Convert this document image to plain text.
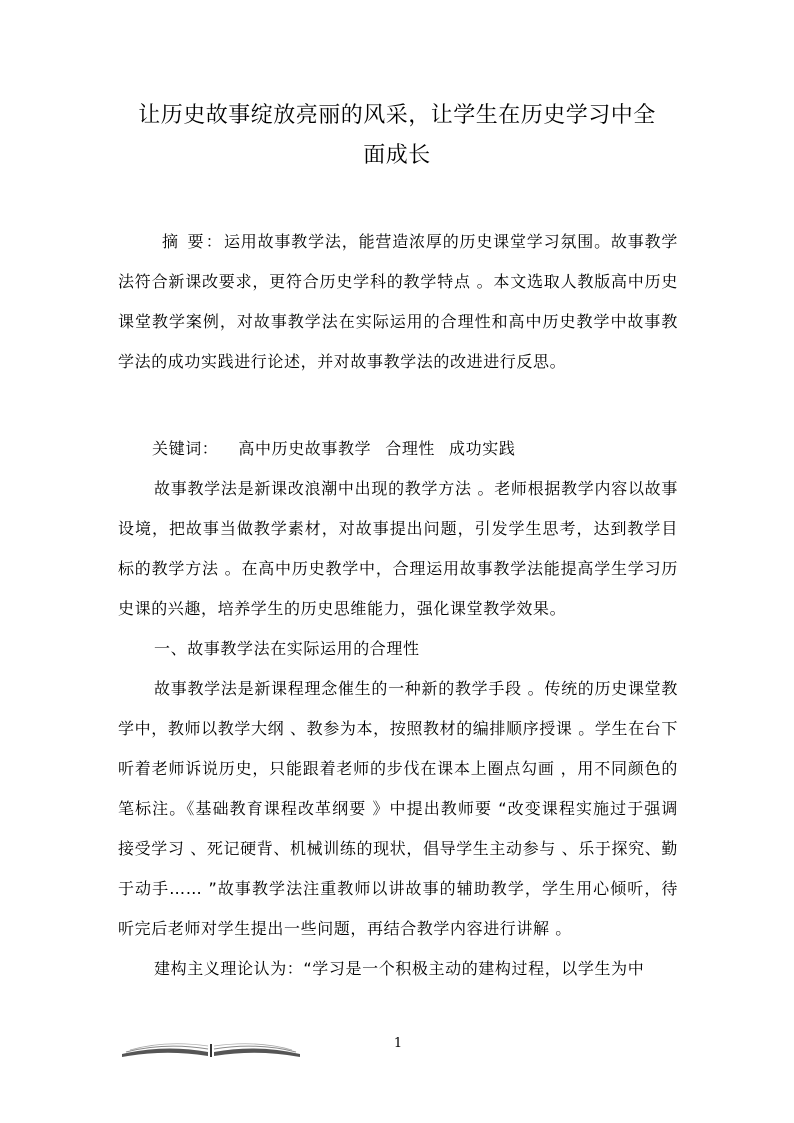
让历史故事绽放亮丽的风采，让学生在历史学习中全
面成长
摘 要：运用故事教学法，能营造浓厚的历史课堂学习氛围。故事教学法符合新课改要求，更符合历史学科的教学特点 。本文选取人教版高中历史课堂教学案例，对故事教学法在实际运用的合理性和高中历史教学中故事教学法的成功实践进行论述，并对故事教学法的改进进行反思。
关键词： 高中历史故事教学 合理性 成功实践

故事教学法是新课改浪潮中出现的教学方法 。老师根据教学内容以故事设境，把故事当做教学素材，对故事提出问题，引发学生思考，达到教学目标的教学方法 。在高中历史教学中，合理运用故事教学法能提高学生学习历史课的兴趣，培养学生的历史思维能力，强化课堂教学效果。

一、故事教学法在实际运用的合理性

故事教学法是新课程理念催生的一种新的教学手段 。传统的历史课堂教学中，教师以教学大纲 、教参为本，按照教材的编排顺序授课 。学生在台下听着老师诉说历史，只能跟着老师的步伐在课本上圈点勾画 ，用不同颜色的笔标注。《基础教育课程改革纲要 》中提出教师要 “改变课程实施过于强调接受学习 、死记硬背、机械训练的现状，倡导学生主动参与 、乐于探究、勤于动手…… ”故事教学法注重教师以讲故事的辅助教学，学生用心倾听，待听完后老师对学生提出一些问题，再结合教学内容进行讲解 。

建构主义理论认为：“学习是一个积极主动的建构过程，以学生为中

1
